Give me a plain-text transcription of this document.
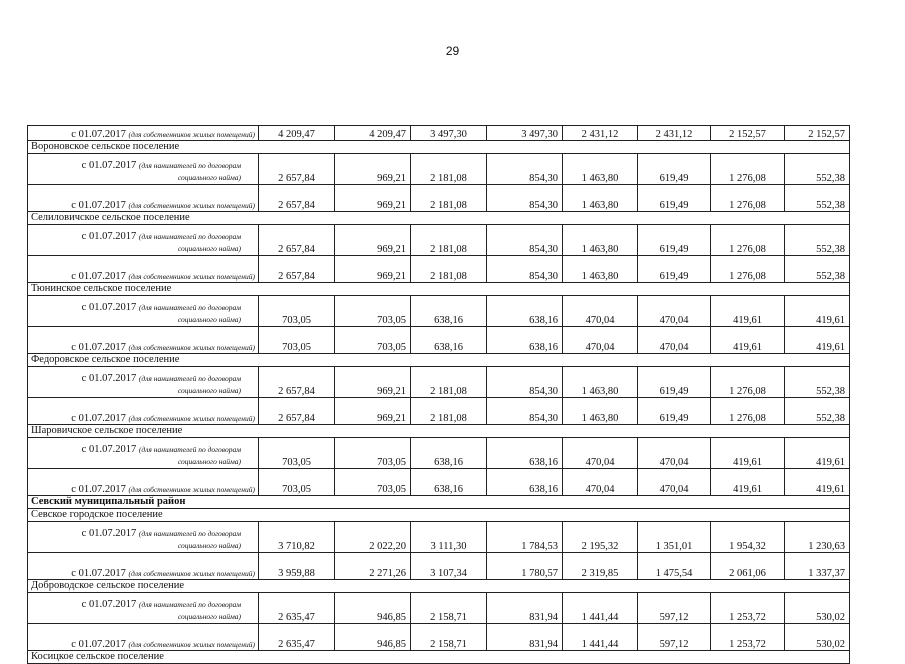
29
с 01.07.2017 (для собственников жилых помещений)	4 209,47	4 209,47	3 497,30	3 497,30	2 431,12	2 431,12	2 152,57	2 152,57
Вороновское сельское поселение								

с 01.07.2017 (для нанимателей по договорам
социального найма)	2 657,84	969,21	2 181,08	854,30	1 463,80	619,49	1 276,08	552,38
с 01.07.2017 (для собственников жилых помещений)	2 657,84	969,21	2 181,08	854,30	1 463,80	619,49	1 276,08	552,38
Селиловичское сельское поселение								

с 01.07.2017 (для нанимателей по договорам
социального найма)	2 657,84	969,21	2 181,08	854,30	1 463,80	619,49	1 276,08	552,38
с 01.07.2017 (для собственников жилых помещений)	2 657,84	969,21	2 181,08	854,30	1 463,80	619,49	1 276,08	552,38
Тюнинское сельское поселение								

с 01.07.2017 (для нанимателей по договорам
социального найма)	703,05	703,05	638,16	638,16	470,04	470,04	419,61	419,61
с 01.07.2017 (для собственников жилых помещений)	703,05	703,05	638,16	638,16	470,04	470,04	419,61	419,61
Федоровское сельское поселение								

с 01.07.2017 (для нанимателей по договорам
социального найма)	2 657,84	969,21	2 181,08	854,30	1 463,80	619,49	1 276,08	552,38
с 01.07.2017 (для собственников жилых помещений)	2 657,84	969,21	2 181,08	854,30	1 463,80	619,49	1 276,08	552,38
Шаровичское сельское поселение								

с 01.07.2017 (для нанимателей по договорам
социального найма)	703,05	703,05	638,16	638,16	470,04	470,04	419,61	419,61
с 01.07.2017 (для собственников жилых помещений)	703,05	703,05	638,16	638,16	470,04	470,04	419,61	419,61
Севский муниципальный район								
Севское городское поселение								

с 01.07.2017 (для нанимателей по договорам
социального найма)	3 710,82	2 022,20	3 111,30	1 784,53	2 195,32	1 351,01	1 954,32	1 230,63
с 01.07.2017 (для собственников жилых помещений)	3 959,88	2 271,26	3 107,34	1 780,57	2 319,85	1 475,54	2 061,06	1 337,37
Доброводское сельское поселение								

с 01.07.2017 (для нанимателей по договорам
социального найма)	2 635,47	946,85	2 158,71	831,94	1 441,44	597,12	1 253,72	530,02
с 01.07.2017 (для собственников жилых помещений)	2 635,47	946,85	2 158,71	831,94	1 441,44	597,12	1 253,72	530,02
Косицкое сельское поселение								
